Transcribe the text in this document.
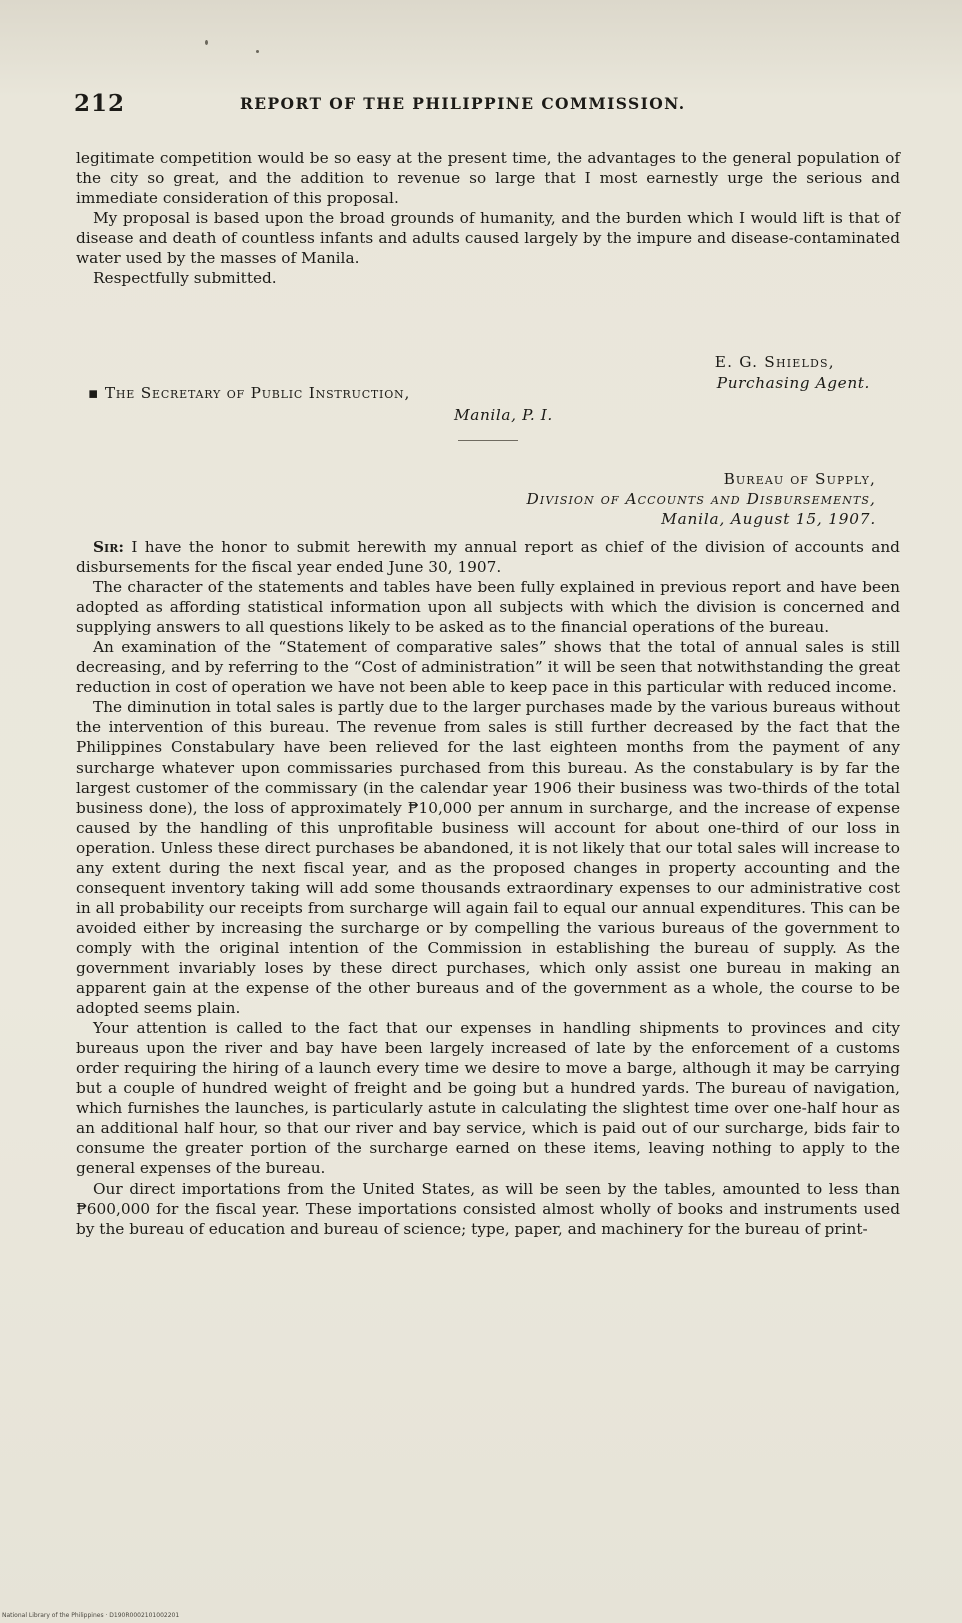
212	REPORT OF THE PHILIPPINE COMMISSION.

legitimate competition would be so easy at the present time, the advantages to the general population of the city so great, and the addition to revenue so large that I most earnestly urge the serious and immediate consideration of this proposal.

My proposal is based upon the broad grounds of humanity, and the burden which I would lift is that of disease and death of countless infants and adults caused largely by the impure and disease-contaminated water used by the masses of Manila.

Respectfully submitted.

E. G. Shields,
Purchasing Agent.
▪ The Secretary of Public Instruction,
Manila, P. I.
Bureau of Supply,
Division of Accounts and Disbursements,
Manila, August 15, 1907.

Sir: I have the honor to submit herewith my annual report as chief of the division of accounts and disbursements for the fiscal year ended June 30, 1907.

The character of the statements and tables have been fully explained in previous report and have been adopted as affording statistical information upon all subjects with which the division is concerned and supplying answers to all questions likely to be asked as to the financial operations of the bureau.

An examination of the “Statement of comparative sales” shows that the total of annual sales is still decreasing, and by referring to the “Cost of administration” it will be seen that notwithstanding the great reduction in cost of operation we have not been able to keep pace in this particular with reduced income.

The diminution in total sales is partly due to the larger purchases made by the various bureaus without the intervention of this bureau. The revenue from sales is still further decreased by the fact that the Philippines Constabulary have been relieved for the last eighteen months from the payment of any surcharge whatever upon commissaries purchased from this bureau. As the constabulary is by far the largest customer of the commissary (in the calendar year 1906 their business was two-thirds of the total business done), the loss of approximately ₱10,000 per annum in surcharge, and the increase of expense caused by the handling of this unprofitable business will account for about one-third of our loss in operation. Unless these direct purchases be abandoned, it is not likely that our total sales will increase to any extent during the next fiscal year, and as the proposed changes in property accounting and the consequent inventory taking will add some thousands extraordinary expenses to our administrative cost in all probability our receipts from surcharge will again fail to equal our annual expenditures. This can be avoided either by increasing the surcharge or by compelling the various bureaus of the government to comply with the original intention of the Commission in establishing the bureau of supply. As the government invariably loses by these direct purchases, which only assist one bureau in making an apparent gain at the expense of the other bureaus and of the government as a whole, the course to be adopted seems plain.

Your attention is called to the fact that our expenses in handling shipments to provinces and city bureaus upon the river and bay have been largely increased of late by the enforcement of a customs order requiring the hiring of a launch every time we desire to move a barge, although it may be carrying but a couple of hundred weight of freight and be going but a hundred yards. The bureau of navigation, which furnishes the launches, is particularly astute in calculating the slightest time over one-half hour as an additional half hour, so that our river and bay service, which is paid out of our surcharge, bids fair to consume the greater portion of the surcharge earned on these items, leaving nothing to apply to the general expenses of the bureau.

Our direct importations from the United States, as will be seen by the tables, amounted to less than ₱600,000 for the fiscal year. These importations consisted almost wholly of books and instruments used by the bureau of education and bureau of science; type, paper, and machinery for the bureau of print-

National Library of the Philippines · D190R0002101002201
